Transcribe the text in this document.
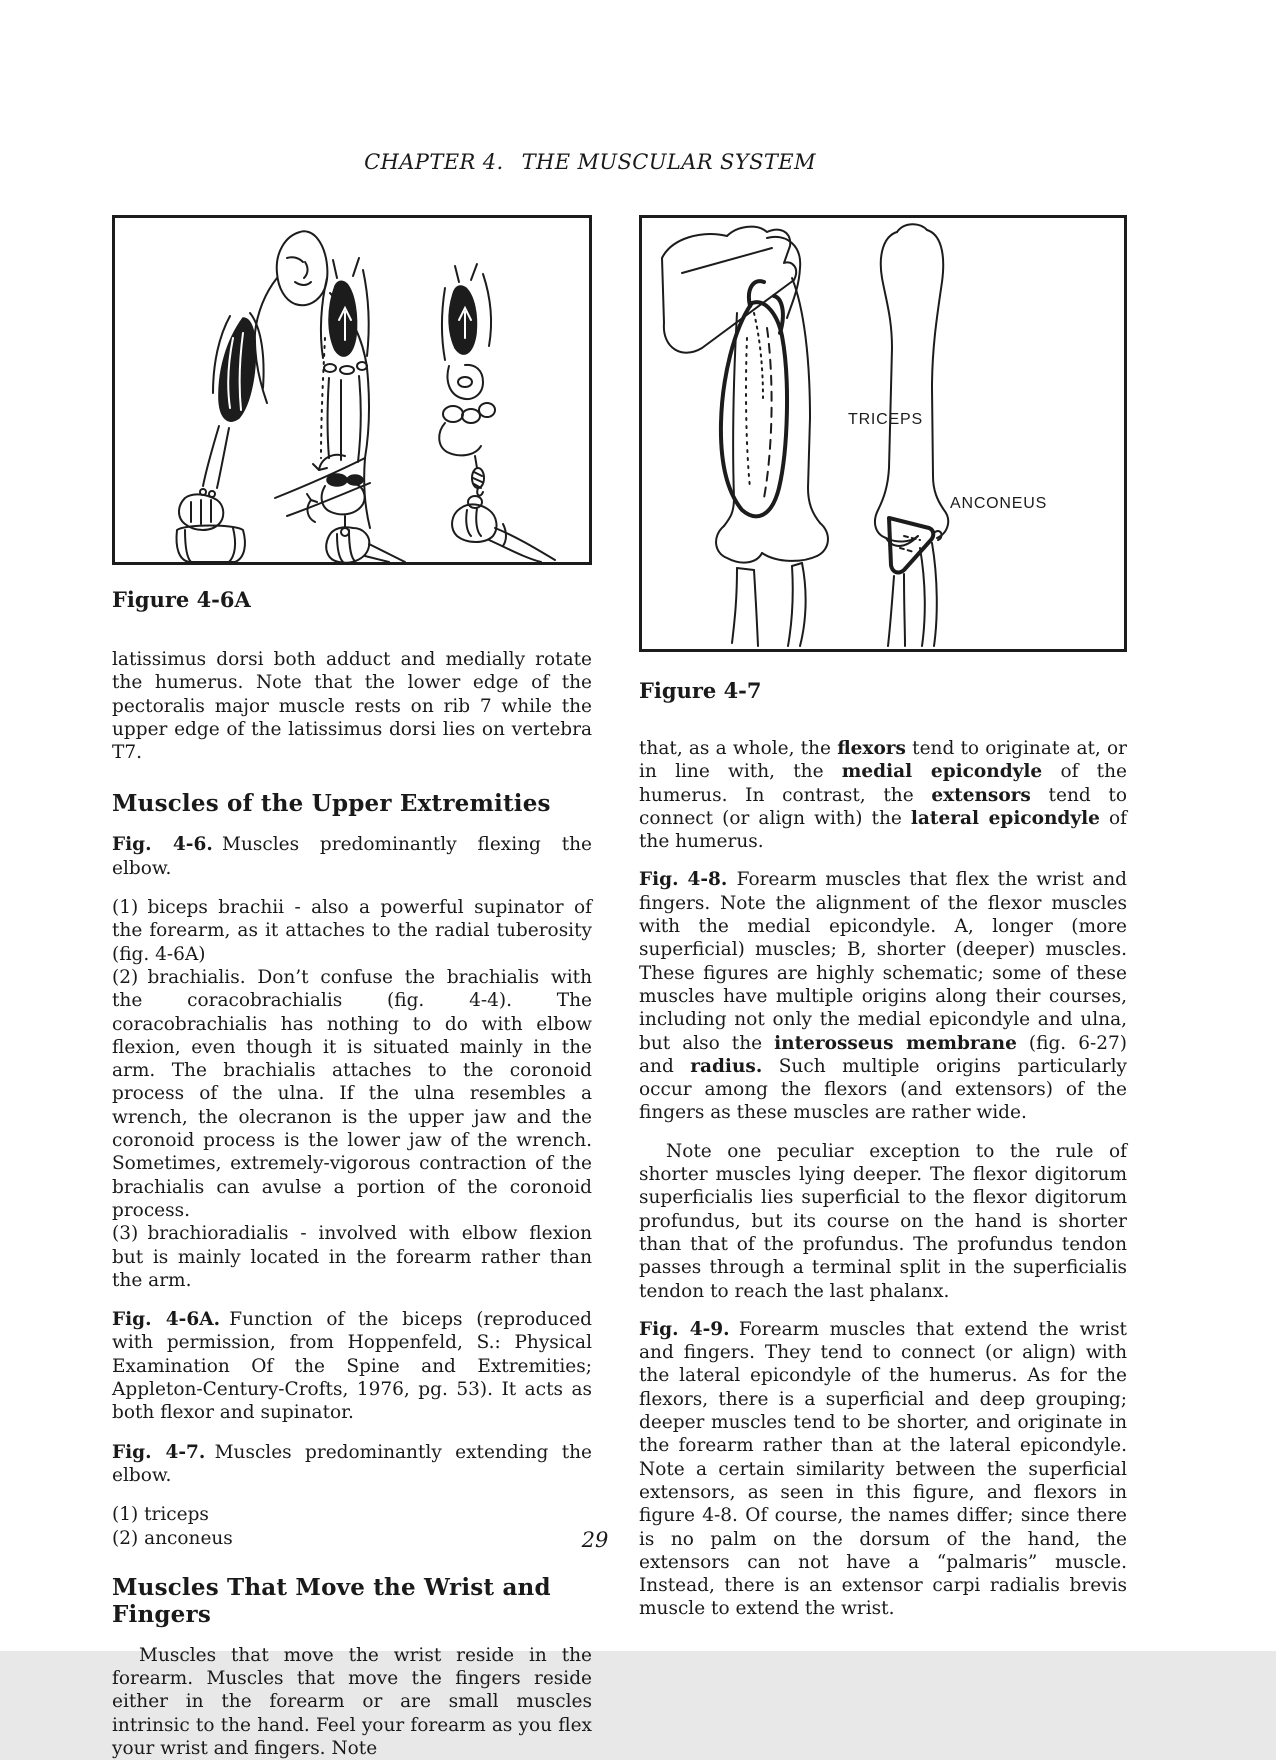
CHAPTER 4.  THE MUSCULAR SYSTEM
Figure 4-6A

latissimus dorsi both adduct and medially rotate the humerus. Note that the lower edge of the pectoralis major muscle rests on rib 7 while the upper edge of the latissimus dorsi lies on vertebra T7.

Muscles of the Upper Extremities

Fig. 4-6. Muscles predominantly flexing the elbow.

(1) biceps brachii - also a powerful supinator of the forearm, as it attaches to the radial tuberosity (fig. 4-6A)

(2) brachialis. Don’t confuse the brachialis with the coracobrachialis (fig. 4-4). The coracobrachialis has nothing to do with elbow flexion, even though it is situated mainly in the arm. The brachialis attaches to the coronoid process of the ulna. If the ulna resembles a wrench, the olecranon is the upper jaw and the coronoid process is the lower jaw of the wrench. Sometimes, extremely-vigorous contraction of the brachialis can avulse a portion of the coronoid process.

(3) brachioradialis - involved with elbow flexion but is mainly located in the forearm rather than the arm.

Fig. 4-6A. Function of the biceps (reproduced with permission, from Hoppenfeld, S.: Physical Examination Of the Spine and Extremities; Appleton-Century-Crofts, 1976, pg. 53). It acts as both flexor and supinator.

Fig. 4-7. Muscles predominantly extending the elbow.

(1) triceps

(2) anconeus

Muscles That Move the Wrist and Fingers

Muscles that move the wrist reside in the forearm. Muscles that move the fingers reside either in the forearm or are small muscles intrinsic to the hand. Feel your forearm as you flex your wrist and fingers. Note

TRICEPS
ANCONEUS
Figure 4-7

that, as a whole, the flexors tend to originate at, or in line with, the medial epicondyle of the humerus. In contrast, the extensors tend to connect (or align with) the lateral epicondyle of the humerus.

Fig. 4-8. Forearm muscles that flex the wrist and fingers. Note the alignment of the flexor muscles with the medial epicondyle. A, longer (more superficial) muscles; B, shorter (deeper) muscles. These figures are highly schematic; some of these muscles have multiple origins along their courses, including not only the medial epicondyle and ulna, but also the interosseus membrane (fig. 6-27) and radius. Such multiple origins particularly occur among the flexors (and extensors) of the fingers as these muscles are rather wide.

Note one peculiar exception to the rule of shorter muscles lying deeper. The flexor digitorum superficialis lies superficial to the flexor digitorum profundus, but its course on the hand is shorter than that of the profundus. The profundus tendon passes through a terminal split in the superficialis tendon to reach the last phalanx.

Fig. 4-9. Forearm muscles that extend the wrist and fingers. They tend to connect (or align) with the lateral epicondyle of the humerus. As for the flexors, there is a superficial and deep grouping; deeper muscles tend to be shorter, and originate in the forearm rather than at the lateral epicondyle. Note a certain similarity between the superficial extensors, as seen in this figure, and flexors in figure 4-8. Of course, the names differ; since there is no palm on the dorsum of the hand, the extensors can not have a “palmaris” muscle. Instead, there is an extensor carpi radialis brevis muscle to extend the wrist.

29
